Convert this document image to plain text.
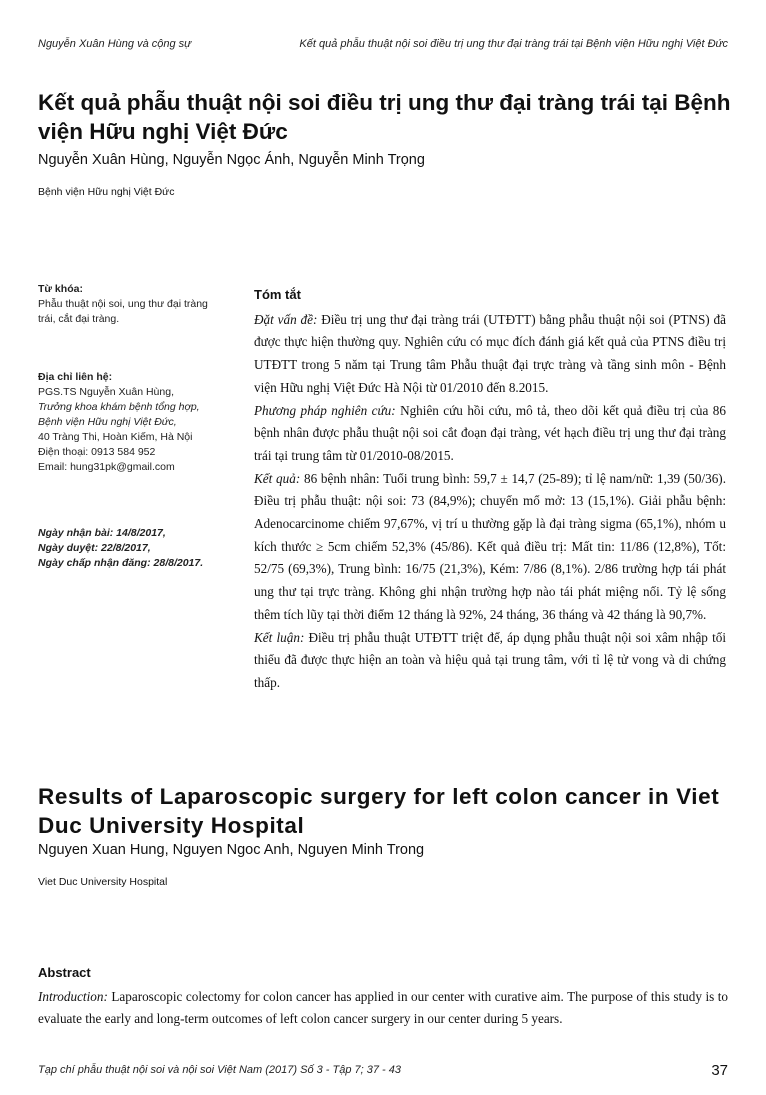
Nguyễn Xuân Hùng và cộng sự	Kết quả phẫu thuật nội soi điều trị ung thư đại tràng trái tại Bệnh viện Hữu nghị Việt Đức
Kết quả phẫu thuật nội soi điều trị ung thư đại tràng trái tại Bệnh viện Hữu nghị Việt Đức
Nguyễn Xuân Hùng, Nguyễn Ngọc Ánh, Nguyễn Minh Trọng
Bệnh viện Hữu nghị Việt Đức
Từ khóa:
Phẫu thuật nội soi, ung thư đại tràng trái, cắt đại tràng.
Địa chỉ liên hệ:
PGS.TS Nguyễn Xuân Hùng,
Trưởng khoa khám bệnh tổng hợp, Bệnh viện Hữu nghị Việt Đức,
40 Tràng Thi, Hoàn Kiếm, Hà Nội
Điện thoại: 0913 584 952
Email: hung31pk@gmail.com
Ngày nhận bài: 14/8/2017,
Ngày duyệt: 22/8/2017,
Ngày chấp nhận đăng: 28/8/2017.
Tóm tắt

Đặt vấn đề: Điều trị ung thư đại tràng trái (UTĐTT) bằng phẫu thuật nội soi (PTNS) đã được thực hiện thường quy. Nghiên cứu có mục đích đánh giá kết quả của PTNS điều trị UTĐTT trong 5 năm tại Trung tâm Phẫu thuật đại trực tràng và tầng sinh môn - Bệnh viện Hữu nghị Việt Đức Hà Nội từ 01/2010 đến 8.2015.

Phương pháp nghiên cứu: Nghiên cứu hồi cứu, mô tả, theo dõi kết quả điều trị của 86 bệnh nhân được phẫu thuật nội soi cắt đoạn đại tràng, vét hạch điều trị ung thư đại tràng trái tại trung tâm từ 01/2010-08/2015.

Kết quả: 86 bệnh nhân: Tuổi trung bình: 59,7 ± 14,7 (25-89); tỉ lệ nam/nữ: 1,39 (50/36). Điều trị phẫu thuật: nội soi: 73 (84,9%); chuyển mổ mở: 13 (15,1%). Giải phẫu bệnh: Adenocarcinome chiếm 97,67%, vị trí u thường gặp là đại tràng sigma (65,1%), nhóm u kích thước ≥ 5cm chiếm 52,3% (45/86). Kết quả điều trị: Mất tin: 11/86 (12,8%), Tốt: 52/75 (69,3%), Trung bình: 16/75 (21,3%), Kém: 7/86 (8,1%). 2/86 trường hợp tái phát ung thư tại trực tràng. Không ghi nhận trường hợp nào tái phát miệng nối. Tỷ lệ sống thêm tích lũy tại thời điểm 12 tháng là 92%, 24 tháng, 36 tháng và 42 tháng là 90,7%.

Kết luận: Điều trị phẫu thuật UTĐTT triệt để, áp dụng phẫu thuật nội soi xâm nhập tối thiểu đã được thực hiện an toàn và hiệu quả tại trung tâm, với tỉ lệ tử vong và di chứng thấp.

Results of Laparoscopic surgery for left colon cancer in Viet Duc University Hospital
Nguyen Xuan Hung, Nguyen Ngoc Anh, Nguyen Minh Trong
Viet Duc University Hospital
Abstract

Introduction: Laparoscopic colectomy for colon cancer has applied in our center with curative aim. The purpose of this study is to evaluate the early and long-term outcomes of left colon cancer surgery in our center during 5 years.

Tạp chí phẫu thuật nội soi và nội soi Việt Nam (2017) Số 3 - Tập 7; 37 - 43	37
